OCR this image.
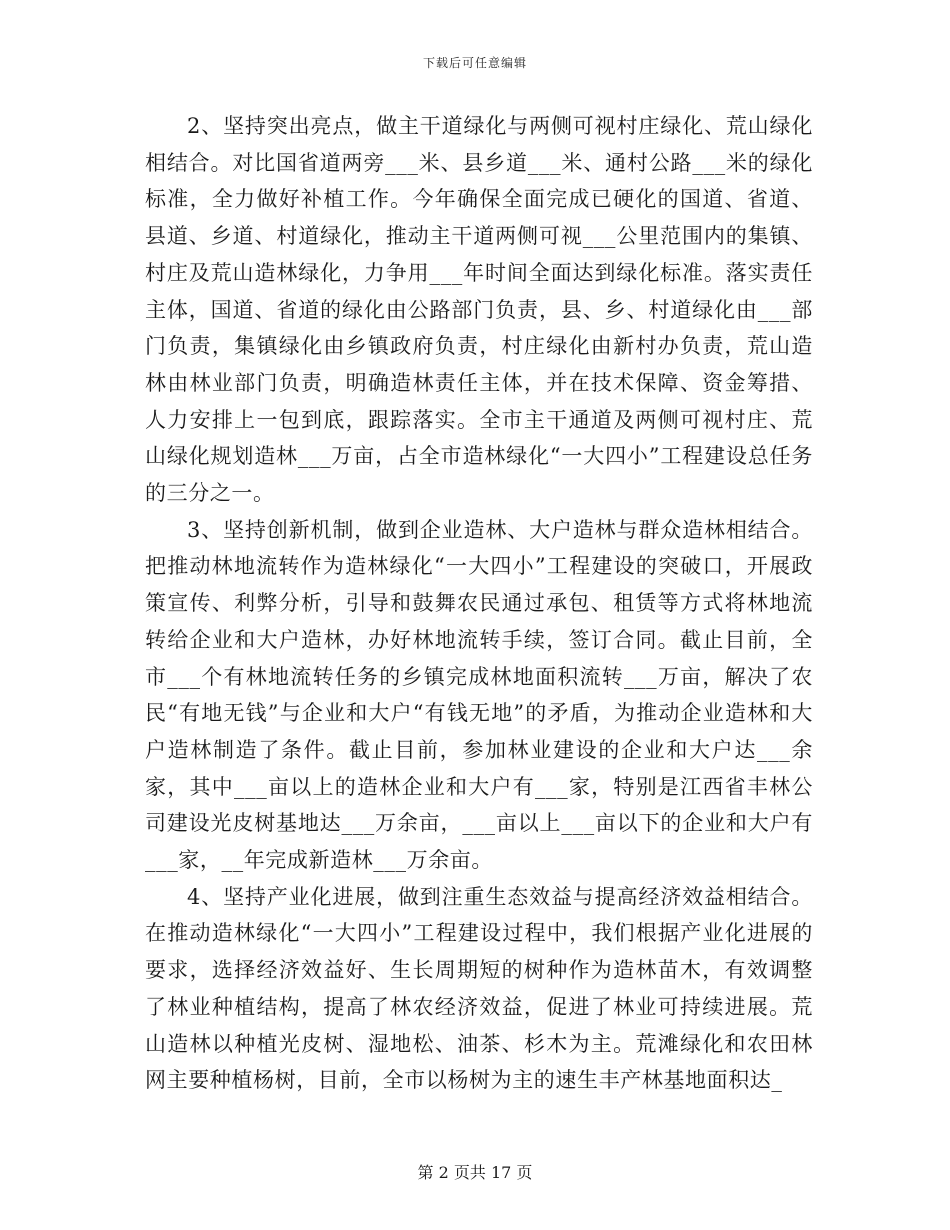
下载后可任意编辑

2、坚持突出亮点，做主干道绿化与两侧可视村庄绿化、荒山绿化相结合。对比国省道两旁___米、县乡道___米、通村公路___米的绿化标准，全力做好补植工作。今年确保全面完成已硬化的国道、省道、县道、乡道、村道绿化，推动主干道两侧可视___公里范围内的集镇、村庄及荒山造林绿化，力争用___年时间全面达到绿化标准。落实责任主体，国道、省道的绿化由公路部门负责，县、乡、村道绿化由___部门负责，集镇绿化由乡镇政府负责，村庄绿化由新村办负责，荒山造林由林业部门负责，明确造林责任主体，并在技术保障、资金筹措、人力安排上一包到底，跟踪落实。全市主干通道及两侧可视村庄、荒山绿化规划造林___万亩，占全市造林绿化“一大四小”工程建设总任务的三分之一。

3、坚持创新机制，做到企业造林、大户造林与群众造林相结合。把推动林地流转作为造林绿化“一大四小”工程建设的突破口，开展政策宣传、利弊分析，引导和鼓舞农民通过承包、租赁等方式将林地流转给企业和大户造林，办好林地流转手续，签订合同。截止目前，全市___个有林地流转任务的乡镇完成林地面积流转___万亩，解决了农民“有地无钱”与企业和大户“有钱无地”的矛盾，为推动企业造林和大户造林制造了条件。截止目前，参加林业建设的企业和大户达___余家，其中___亩以上的造林企业和大户有___家，特别是江西省丰林公司建设光皮树基地达___万余亩，___亩以上___亩以下的企业和大户有___家，__年完成新造林___万余亩。

4、坚持产业化进展，做到注重生态效益与提高经济效益相结合。在推动造林绿化“一大四小”工程建设过程中，我们根据产业化进展的要求，选择经济效益好、生长周期短的树种作为造林苗木，有效调整了林业种植结构，提高了林农经济效益，促进了林业可持续进展。荒山造林以种植光皮树、湿地松、油茶、杉木为主。荒滩绿化和农田林网主要种植杨树，目前，全市以杨树为主的速生丰产林基地面积达_

第 2 页共 17 页
